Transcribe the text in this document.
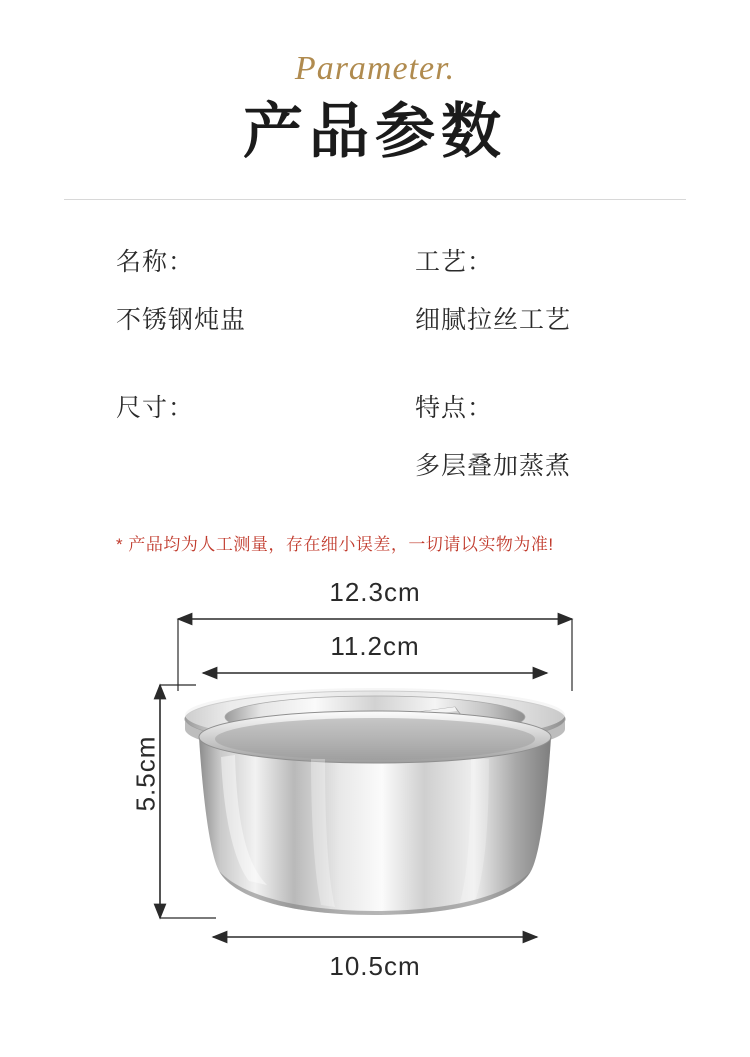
Parameter.
产品参数
名称：
不锈钢炖盅
工艺：
细腻拉丝工艺
尺寸：	特点：
多层叠加蒸煮
* 产品均为人工测量，存在细小误差，一切请以实物为准!
12.3cm
11.2cm
10.5cm
5.5cm
